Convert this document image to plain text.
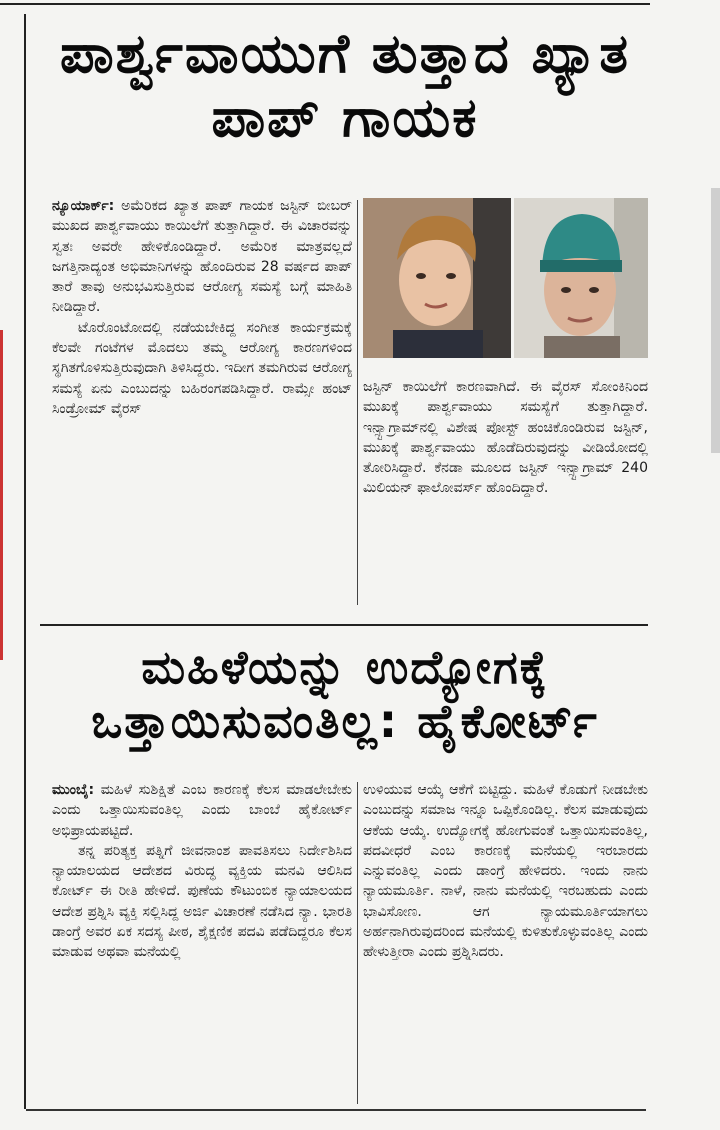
ಪಾರ್ಶ್ವವಾಯುಗೆ ತುತ್ತಾದ ಖ್ಯಾತ ಪಾಪ್ ಗಾಯಕ

ನ್ಯೂಯಾರ್ಕ್: ಅಮೆರಿಕದ ಖ್ಯಾತ ಪಾಪ್ ಗಾಯಕ ಜಸ್ಟಿನ್ ಬೀಬರ್ ಮುಖದ ಪಾರ್ಶ್ವವಾಯು ಕಾಯಿಲೆಗೆ ತುತ್ತಾಗಿದ್ದಾರೆ. ಈ ವಿಚಾರವನ್ನು ಸ್ವತಃ ಅವರೇ ಹೇಳಿಕೊಂಡಿದ್ದಾರೆ. ಅಮೆರಿಕ ಮಾತ್ರವಲ್ಲದೆ ಜಗತ್ತಿನಾದ್ಯಂತ ಅಭಿಮಾನಿಗಳನ್ನು ಹೊಂದಿರುವ 28 ವರ್ಷದ ಪಾಪ್ ತಾರೆ ತಾವು ಅನುಭವಿಸುತ್ತಿರುವ ಆರೋಗ್ಯ ಸಮಸ್ಯೆ ಬಗ್ಗೆ ಮಾಹಿತಿ ನೀಡಿದ್ದಾರೆ.

ಟೊರೊಂಟೋದಲ್ಲಿ ನಡೆಯಬೇಕಿದ್ದ ಸಂಗೀತ ಕಾರ್ಯಕ್ರಮಕ್ಕೆ ಕೆಲವೇ ಗಂಟೆಗಳ ಮೊದಲು ತಮ್ಮ ಆರೋಗ್ಯ ಕಾರಣಗಳಿಂದ ಸ್ಥಗಿತಗೊಳಿಸುತ್ತಿರುವುದಾಗಿ ತಿಳಿಸಿದ್ದರು. ಇದೀಗ ತಮಗಿರುವ ಆರೋಗ್ಯ ಸಮಸ್ಯೆ ಏನು ಎಂಬುದನ್ನು ಬಹಿರಂಗಪಡಿಸಿದ್ದಾರೆ. ರಾಮ್ಸೇ ಹಂಟ್ ಸಿಂಡ್ರೋಮ್ ವೈರಸ್

ಜಸ್ಟಿನ್ ಕಾಯಿಲೆಗೆ ಕಾರಣವಾಗಿದೆ. ಈ ವೈರಸ್ ಸೋಂಕಿನಿಂದ ಮುಖಕ್ಕೆ ಪಾರ್ಶ್ವವಾಯು ಸಮಸ್ಯೆಗೆ ತುತ್ತಾಗಿದ್ದಾರೆ. ಇನ್ಸ್ಟಾಗ್ರಾಮ್‌ನಲ್ಲಿ ವಿಶೇಷ ಪೋಸ್ಟ್ ಹಂಚಿಕೊಂಡಿರುವ ಜಸ್ಟಿನ್, ಮುಖಕ್ಕೆ ಪಾರ್ಶ್ವವಾಯು ಹೊಡೆದಿರುವುದನ್ನು ವೀಡಿಯೋದಲ್ಲಿ ತೋರಿಸಿದ್ದಾರೆ. ಕೆನಡಾ ಮೂಲದ ಜಸ್ಟಿನ್ ಇನ್ಸ್ಟಾಗ್ರಾಮ್ 240 ಮಿಲಿಯನ್ ಫಾಲೋವರ್ಸ್ ಹೊಂದಿದ್ದಾರೆ.

ಮಹಿಳೆಯನ್ನು ಉದ್ಯೋಗಕ್ಕೆ ಒತ್ತಾಯಿಸುವಂತಿಲ್ಲ: ಹೈಕೋರ್ಟ್

ಮುಂಬೈ: ಮಹಿಳೆ ಸುಶಿಕ್ಷಿತೆ ಎಂಬ ಕಾರಣಕ್ಕೆ ಕೆಲಸ ಮಾಡಲೇಬೇಕು ಎಂದು ಒತ್ತಾಯಿಸುವಂತಿಲ್ಲ ಎಂದು ಬಾಂಬೆ ಹೈಕೋರ್ಟ್ ಅಭಿಪ್ರಾಯಪಟ್ಟಿದೆ.

ತನ್ನ ಪರಿತ್ಯಕ್ತ ಪತ್ನಿಗೆ ಜೀವನಾಂಶ ಪಾವತಿಸಲು ನಿರ್ದೇಶಿಸಿದ ನ್ಯಾಯಾಲಯದ ಆದೇಶದ ವಿರುದ್ಧ ವ್ಯಕ್ತಿಯ ಮನವಿ ಆಲಿಸಿದ ಕೋರ್ಟ್ ಈ ರೀತಿ ಹೇಳಿದೆ. ಪುಣೆಯ ಕೌಟುಂಬಿಕ ನ್ಯಾಯಾಲಯದ ಆದೇಶ ಪ್ರಶ್ನಿಸಿ ವ್ಯಕ್ತಿ ಸಲ್ಲಿಸಿದ್ದ ಅರ್ಜಿ ವಿಚಾರಣೆ ನಡೆಸಿದ ನ್ಯಾ. ಭಾರತಿ ಡಾಂಗ್ರೆ ಅವರ ಏಕ ಸದಸ್ಯ ಪೀಠ, ಶೈಕ್ಷಣಿಕ ಪದವಿ ಪಡೆದಿದ್ದರೂ ಕೆಲಸ ಮಾಡುವ ಅಥವಾ ಮನೆಯಲ್ಲಿ

ಉಳಿಯುವ ಆಯ್ಕೆ ಆಕೆಗೆ ಬಿಟ್ಟಿದ್ದು. ಮಹಿಳೆ ಕೊಡುಗೆ ನೀಡಬೇಕು ಎಂಬುದನ್ನು ಸಮಾಜ ಇನ್ನೂ ಒಪ್ಪಿಕೊಂಡಿಲ್ಲ. ಕೆಲಸ ಮಾಡುವುದು ಆಕೆಯ ಆಯ್ಕೆ. ಉದ್ಯೋಗಕ್ಕೆ ಹೋಗುವಂತೆ ಒತ್ತಾಯಿಸುವಂತಿಲ್ಲ, ಪದವೀಧರೆ ಎಂಬ ಕಾರಣಕ್ಕೆ ಮನೆಯಲ್ಲಿ ಇರಬಾರದು ಎನ್ನುವಂತಿಲ್ಲ ಎಂದು ಡಾಂಗ್ರೆ ಹೇಳಿದರು. ಇಂದು ನಾನು ನ್ಯಾಯಮೂರ್ತಿ. ನಾಳೆ, ನಾನು ಮನೆಯಲ್ಲಿ ಇರಬಹುದು ಎಂದು ಭಾವಿಸೋಣ. ಆಗ ನ್ಯಾಯಮೂರ್ತಿಯಾಗಲು ಅರ್ಹನಾಗಿರುವುದರಿಂದ ಮನೆಯಲ್ಲಿ ಕುಳಿತುಕೊಳ್ಳುವಂತಿಲ್ಲ ಎಂದು ಹೇಳುತ್ತೀರಾ ಎಂದು ಪ್ರಶ್ನಿಸಿದರು.
